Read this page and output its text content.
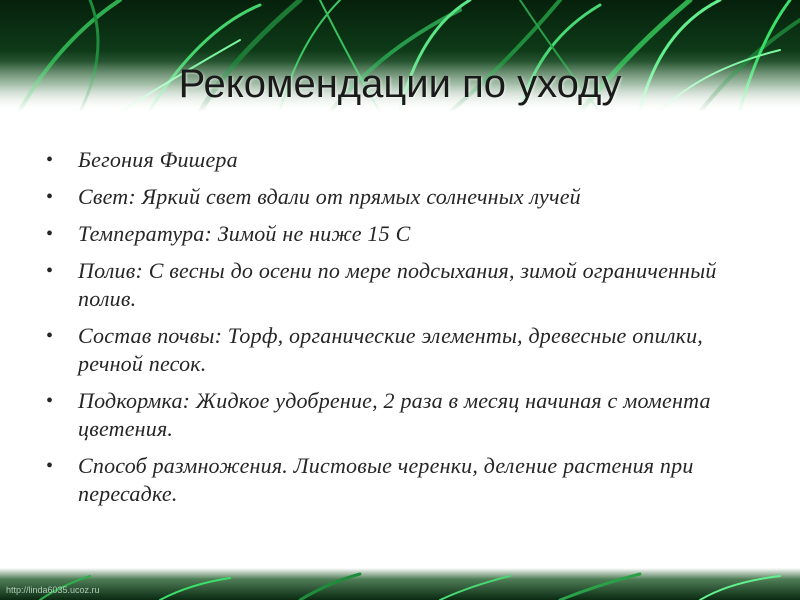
Рекомендации по уходу
• Бегония Фишера
• Свет: Яркий свет вдали от прямых солнечных лучей
• Температура: Зимой не ниже 15 С
• Полив: С весны до осени по мере подсыхания, зимой ограниченный полив.
• Состав почвы: Торф, органические элементы, древесные опилки, речной песок.
• Подкормка: Жидкое удобрение, 2 раза в месяц начиная с момента цветения.
• Способ размножения. Листовые черенки, деление растения при пересадке.
http://linda6035.ucoz.ru
